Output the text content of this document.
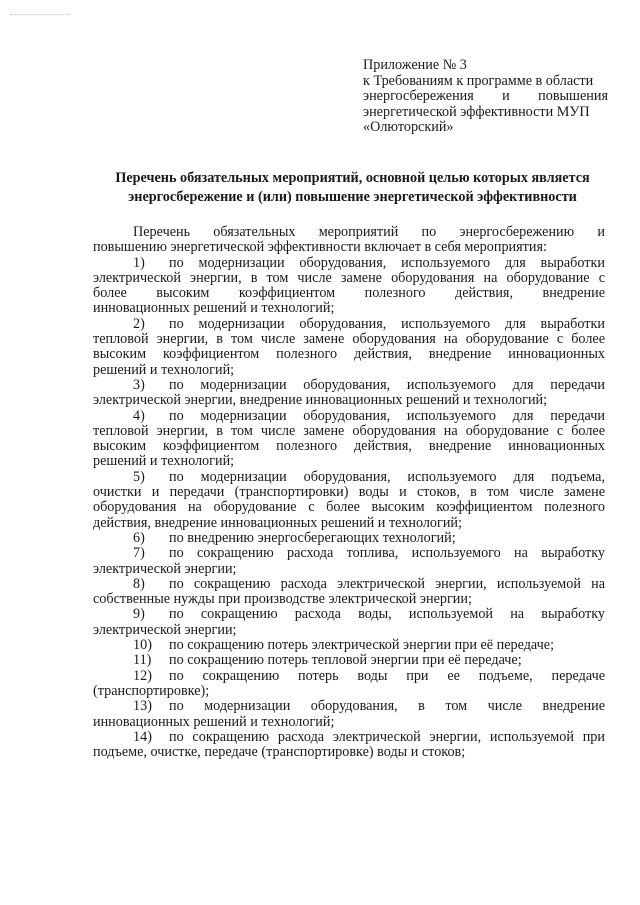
Приложение № 3
к Требованиям к программе в области
энергосбережения и повышения
энергетической эффективности МУП
«Олюторский»
Перечень обязательных мероприятий, основной целью которых является
энергосбережение и (или) повышение энергетической эффективности
Перечень обязательных мероприятий по энергосбережению и
повышению энергетической эффективности включает в себя мероприятия:
1) по модернизации оборудования, используемого для выработки
электрической энергии, в том числе замене оборудования на оборудование с
более высоким коэффициентом полезного действия, внедрение
инновационных решений и технологий;
2) по модернизации оборудования, используемого для выработки
тепловой энергии, в том числе замене оборудования на оборудование с более
высоким коэффициентом полезного действия, внедрение инновационных
решений и технологий;
3) по модернизации оборудования, используемого для передачи
электрической энергии, внедрение инновационных решений и технологий;
4) по модернизации оборудования, используемого для передачи
тепловой энергии, в том числе замене оборудования на оборудование с более
высоким коэффициентом полезного действия, внедрение инновационных
решений и технологий;
5) по модернизации оборудования, используемого для подъема,
очистки и передачи (транспортировки) воды и стоков, в том числе замене
оборудования на оборудование с более высоким коэффициентом полезного
действия, внедрение инновационных решений и технологий;
6) по внедрению энергосберегающих технологий;
7) по сокращению расхода топлива, используемого на выработку
электрической энергии;
8) по сокращению расхода электрической энергии, используемой на
собственные нужды при производстве электрической энергии;
9) по сокращению расхода воды, используемой на выработку
электрической энергии;
10) по сокращению потерь электрической энергии при её передаче;
11) по сокращению потерь тепловой энергии при её передаче;
12) по сокращению потерь воды при ее подъеме, передаче
(транспортировке);
13) по модернизации оборудования, в том числе внедрение
инновационных решений и технологий;
14) по сокращению расхода электрической энергии, используемой при
подъеме, очистке, передаче (транспортировке) воды и стоков;
